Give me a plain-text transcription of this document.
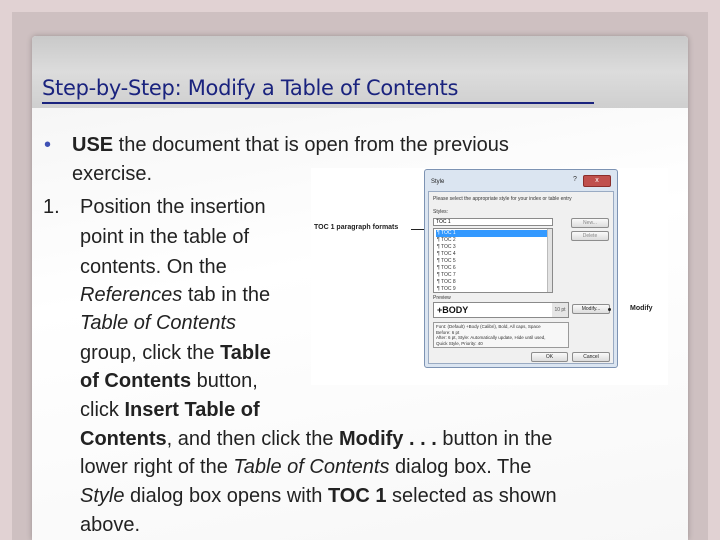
Step-by-Step: Modify a Table of Contents
TOC 1 paragraph formats
Style	?	x
Please select the appropriate style for your index or table entry
Styles:
TOC 1
¶ TOC 1
¶ TOC 2
¶ TOC 3
¶ TOC 4
¶ TOC 5
¶ TOC 6
¶ TOC 7
¶ TOC 8
¶ TOC 9
New...
Delete
Preview
+BODY	10 pt	Modify...
Font: (Default) +Body (Calibri), Bold, All caps, Space
Before: 6 pt
After: 6 pt, Style: Automatically update, Hide until used,
Quick Style, Priority: 40
OK	Cancel
Modify
• USE the document that is open from the previous
exercise.
1. Position the insertion
point in the table of
contents. On the
References tab in the
Table of Contents
group, click the Table
of Contents button,
click Insert Table of
Contents, and then click the Modify . . . button in the
lower right of the Table of Contents dialog box. The
Style dialog box opens with TOC 1 selected as shown
above.
